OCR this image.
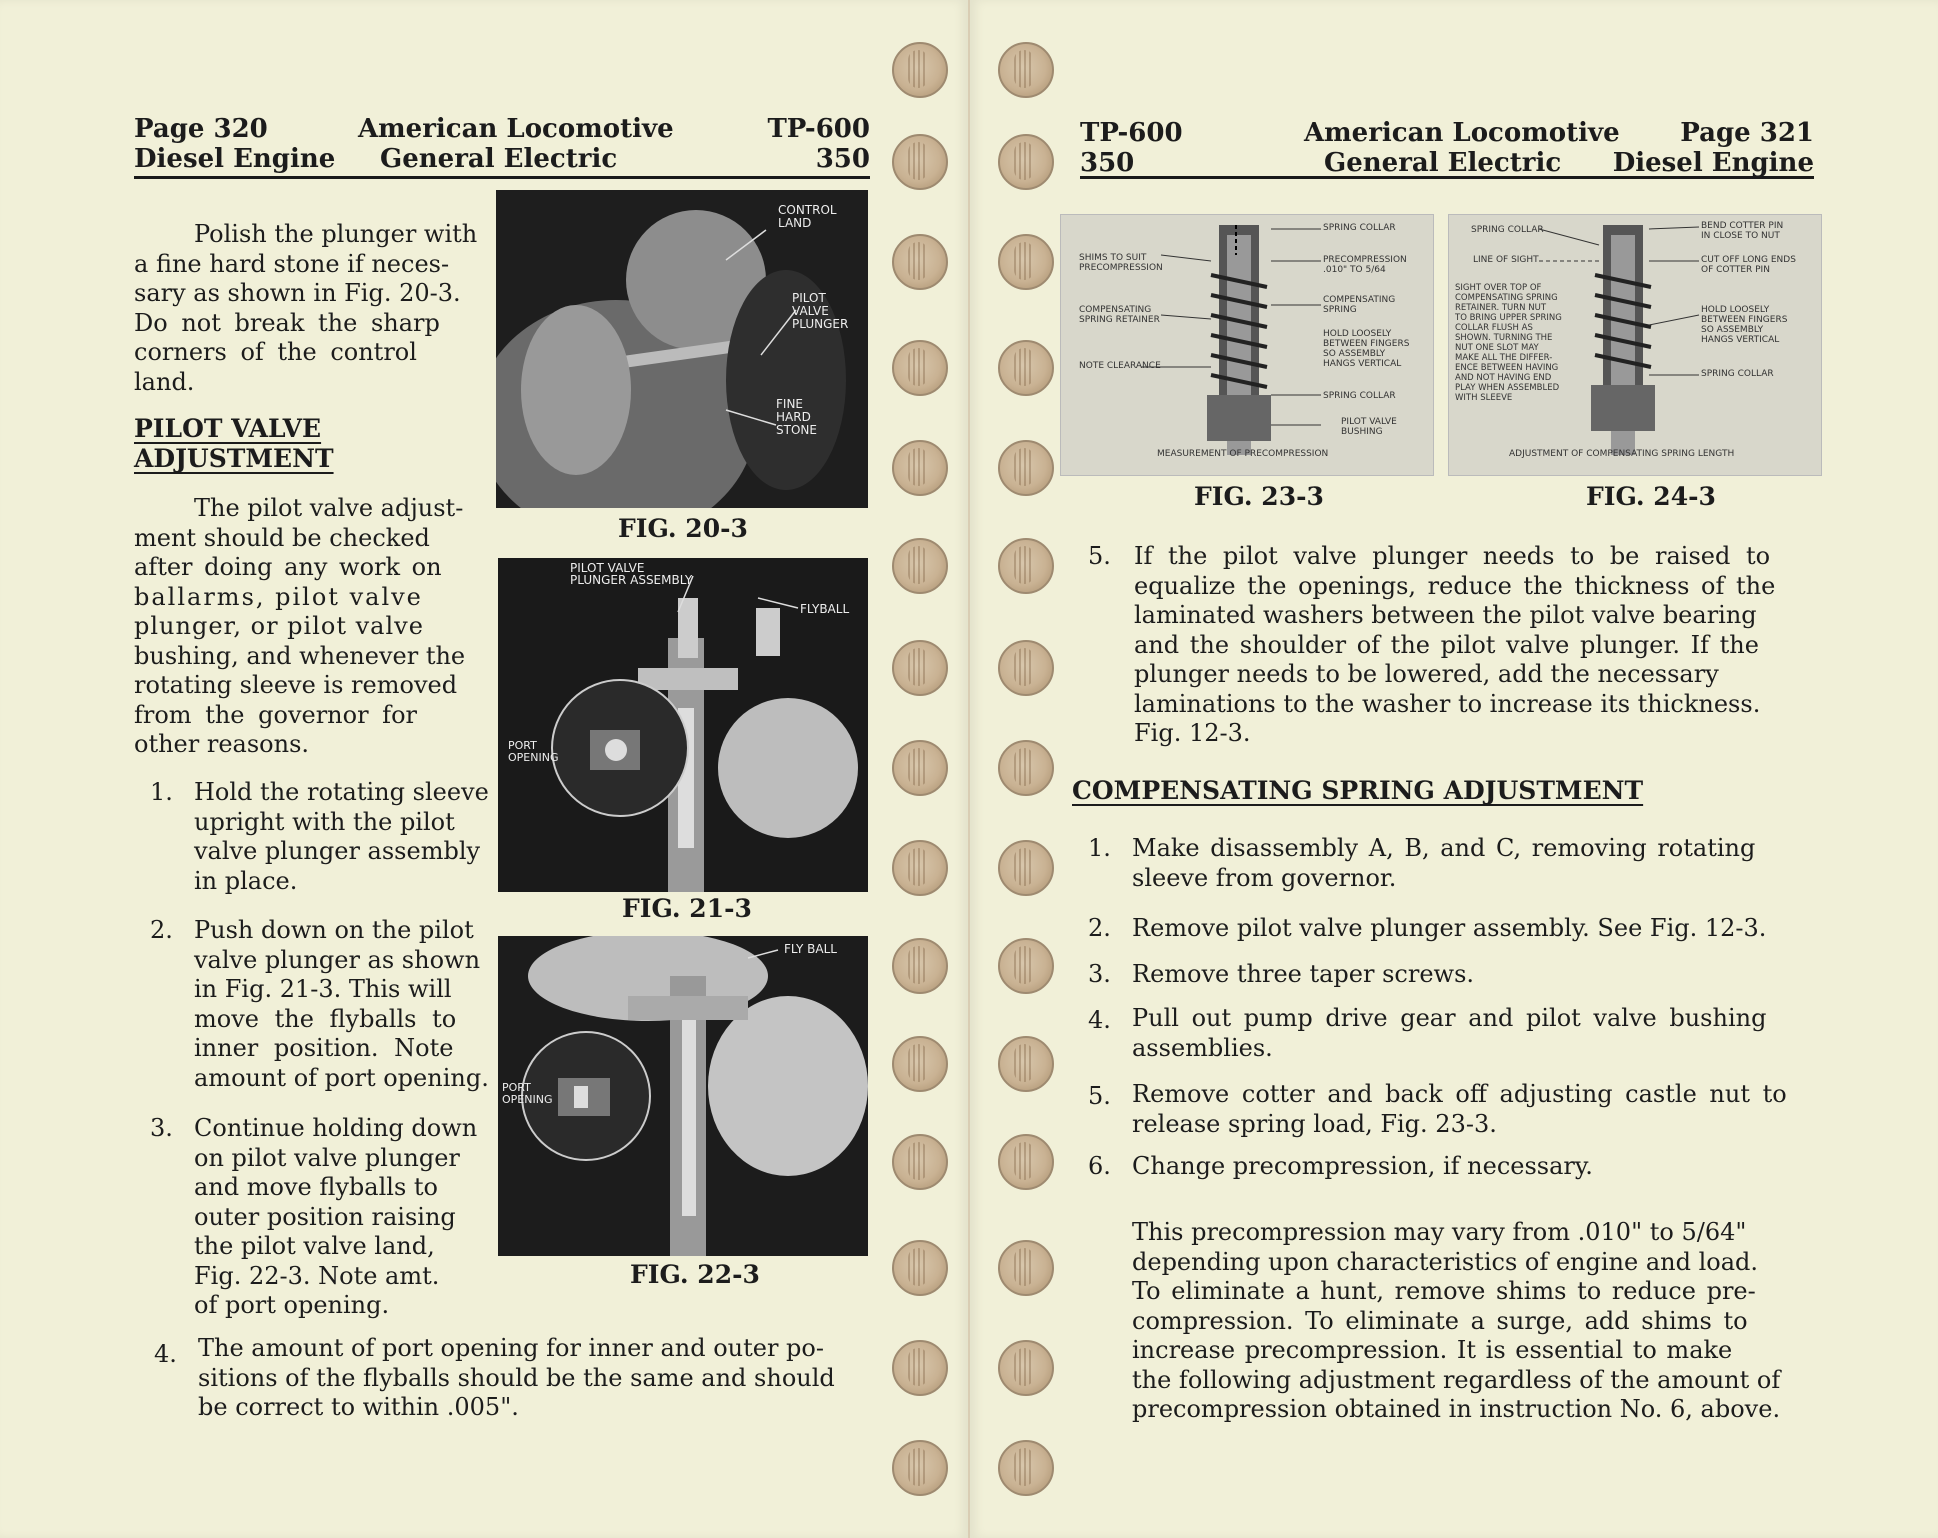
Page 320
Diesel Engine
American Locomotive
General Electric
TP-600
350
Polish the plunger with
a fine hard stone if neces-
sary as shown in Fig. 20-3.
Do not break the sharp
corners of the control
land.
PILOT VALVE
ADJUSTMENT
The pilot valve adjust-
ment should be checked
after doing any work on
ballarms, pilot valve
plunger, or pilot valve
bushing, and whenever the
rotating sleeve is removed
from the governor for
other reasons.
1. Hold the rotating sleeve
upright with the pilot
valve plunger assembly
in place.
2. Push down on the pilot
valve plunger as shown
in Fig. 21-3. This will
move the flyballs to
inner position. Note
amount of port opening.
3. Continue holding down
on pilot valve plunger
and move flyballs to
outer position raising
the pilot valve land,
Fig. 22-3. Note amt.
of port opening.
4. The amount of port opening for inner and outer po-
sitions of the flyballs should be the same and should
be correct to within .005".
CONTROL
LAND
PILOT
VALVE
PLUNGER
FINE
HARD
STONE
FIG. 20-3
PILOT VALVE
PLUNGER ASSEMBLY
FLYBALL
PORT
OPENING
FIG. 21-3
FLY BALL
PORT
OPENING
FIG. 22-3
TP-600
350
American Locomotive
General Electric
Page 321
Diesel Engine
SHIMS TO SUIT
PRECOMPRESSION
COMPENSATING
SPRING RETAINER
NOTE CLEARANCE
SPRING COLLAR
PRECOMPRESSION
.010" TO 5/64
COMPENSATING
SPRING
HOLD LOOSELY
BETWEEN FINGERS
SO ASSEMBLY
HANGS VERTICAL
SPRING COLLAR
PILOT VALVE
BUSHING
MEASUREMENT OF PRECOMPRESSION
FIG. 23-3
SPRING COLLAR
LINE OF SIGHT
SIGHT OVER TOP OF
COMPENSATING SPRING
RETAINER. TURN NUT
TO BRING UPPER SPRING
COLLAR FLUSH AS
SHOWN. TURNING THE
NUT ONE SLOT MAY
MAKE ALL THE DIFFER-
ENCE BETWEEN HAVING
AND NOT HAVING END
PLAY WHEN ASSEMBLED
WITH SLEEVE
BEND COTTER PIN
IN CLOSE TO NUT
CUT OFF LONG ENDS
OF COTTER PIN
HOLD LOOSELY
BETWEEN FINGERS
SO ASSEMBLY
HANGS VERTICAL
SPRING COLLAR
ADJUSTMENT OF COMPENSATING SPRING LENGTH
FIG. 24-3
5. If the pilot valve plunger needs to be raised to
equalize the openings, reduce the thickness of the
laminated washers between the pilot valve bearing
and the shoulder of the pilot valve plunger. If the
plunger needs to be lowered, add the necessary
laminations to the washer to increase its thickness.
Fig. 12-3.
COMPENSATING SPRING ADJUSTMENT
1. Make disassembly A, B, and C, removing rotating
sleeve from governor.
2. Remove pilot valve plunger assembly. See Fig. 12-3.
3. Remove three taper screws.
4. Pull out pump drive gear and pilot valve bushing
assemblies.
5. Remove cotter and back off adjusting castle nut to
release spring load, Fig. 23-3.
6. Change precompression, if necessary.
This precompression may vary from .010" to 5/64"
depending upon characteristics of engine and load.
To eliminate a hunt, remove shims to reduce pre-
compression. To eliminate a surge, add shims to
increase precompression. It is essential to make
the following adjustment regardless of the amount of
precompression obtained in instruction No. 6, above.
